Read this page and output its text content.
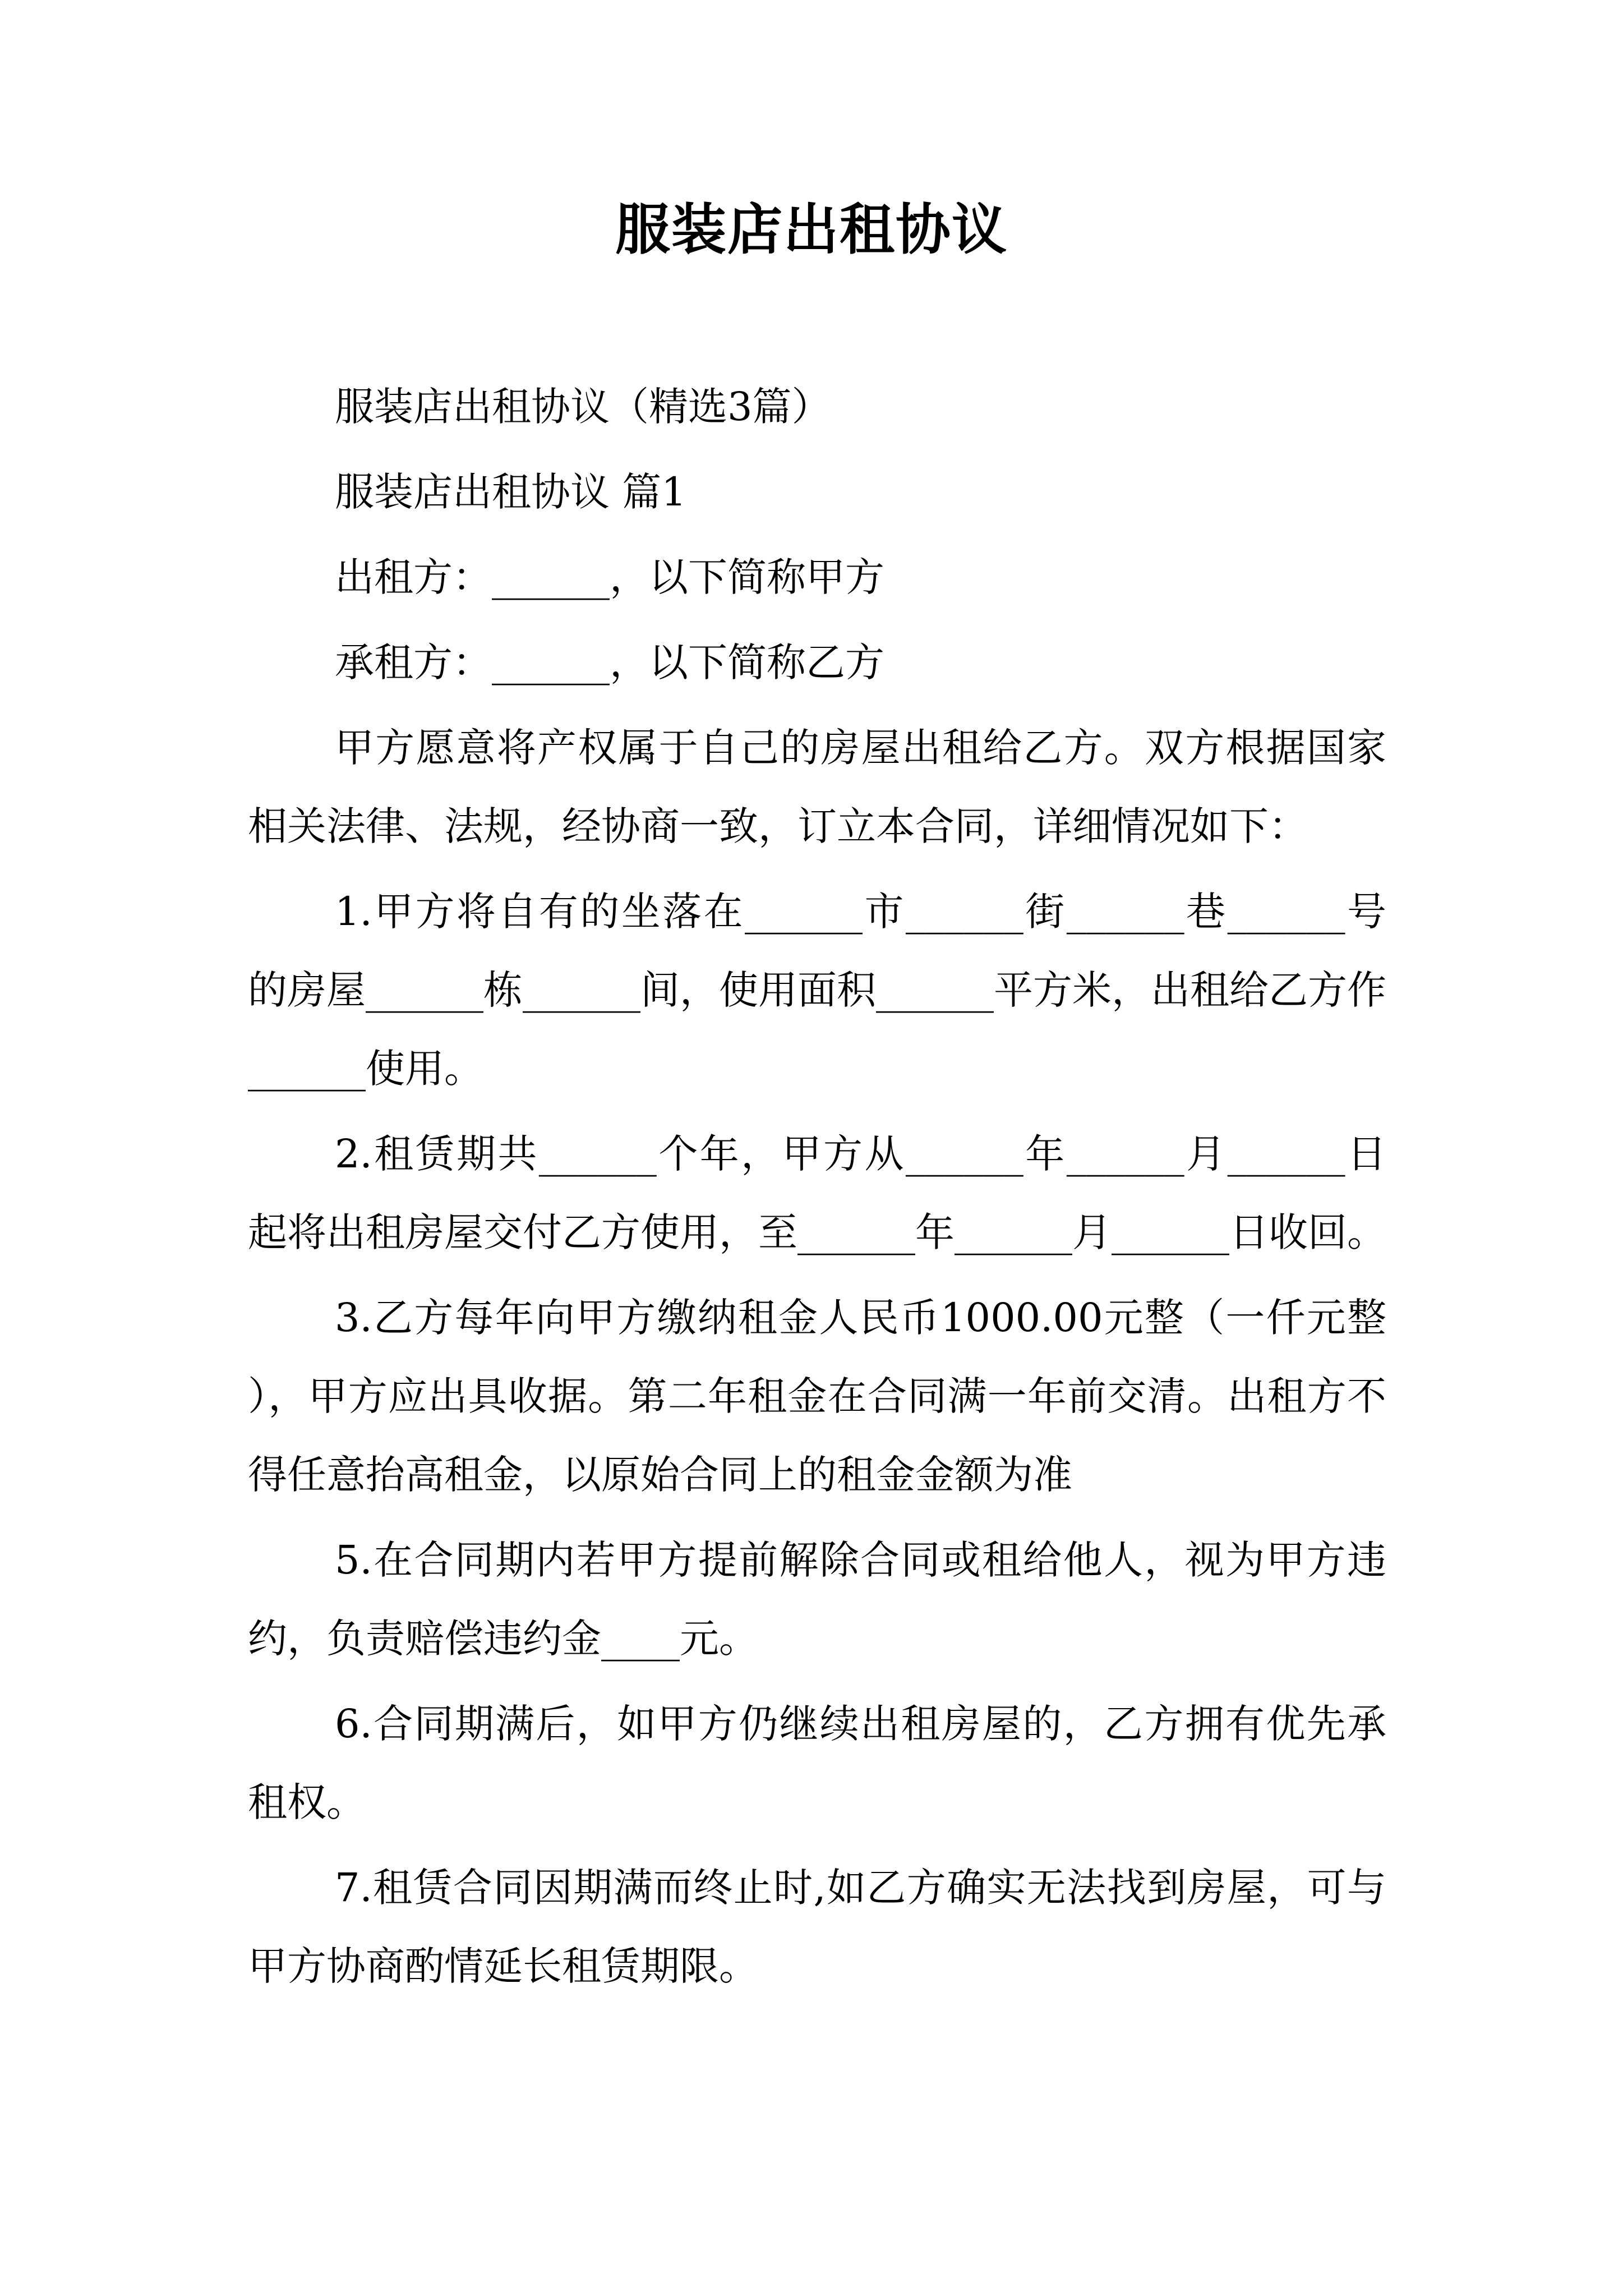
服装店出租协议

服装店出租协议（精选3篇）

服装店出租协议 篇1

出租方：______，以下简称甲方

承租方：______，以下简称乙方

甲方愿意将产权属于自己的房屋出租给乙方。双方根据国家相关法律、法规，经协商一致，订立本合同，详细情况如下：

1.甲方将自有的坐落在______市______街______巷______号的房屋______栋______间，使用面积______平方米，出租给乙方作______使用。

2.租赁期共______个年，甲方从______年______月______日起将出租房屋交付乙方使用，至______年______月______日收回。

3.乙方每年向甲方缴纳租金人民币1000.00元整（一仟元整 ），甲方应出具收据。第二年租金在合同满一年前交清。出租方不得任意抬高租金，以原始合同上的租金金额为准

5.在合同期内若甲方提前解除合同或租给他人，视为甲方违约，负责赔偿违约金____元。

6.合同期满后，如甲方仍继续出租房屋的，乙方拥有优先承租权。

7.租赁合同因期满而终止时,如乙方确实无法找到房屋，可与甲方协商酌情延长租赁期限。
